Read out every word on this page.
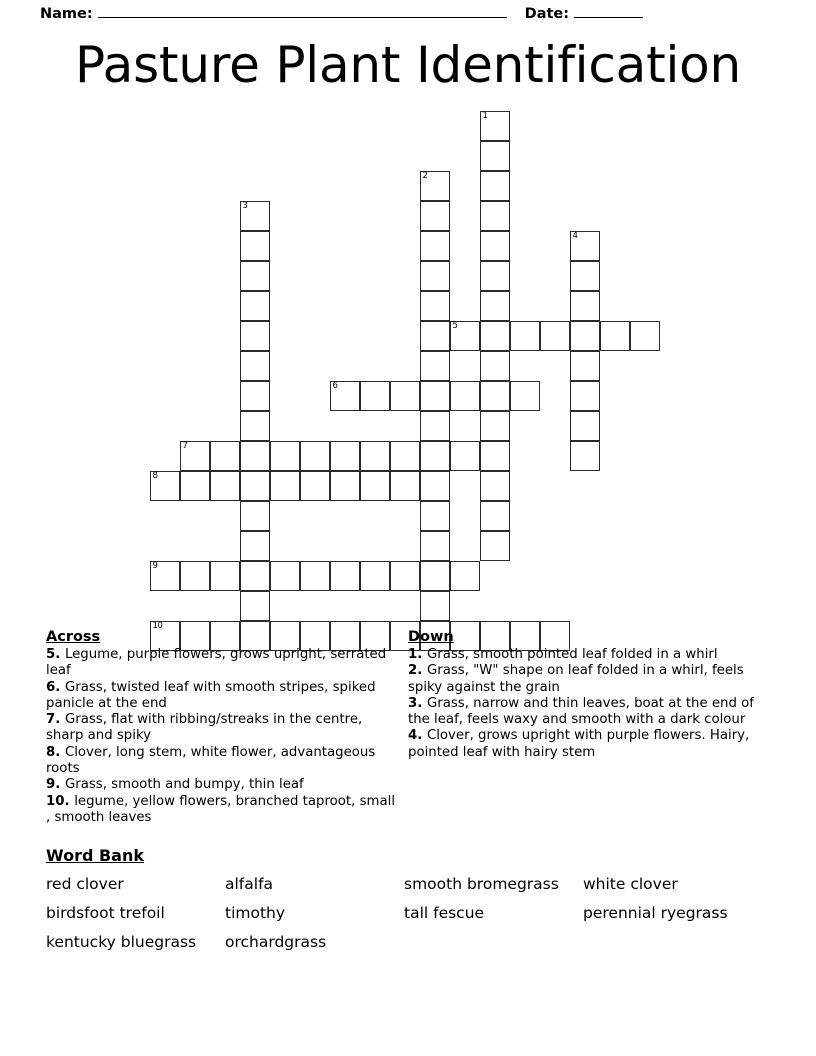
Name:	Date:
Pasture Plant Identification
1
2
3
4
5
6
7
8
9
10
Across
5. Legume, purple flowers, grows upright, serrated leaf
6. Grass, twisted leaf with smooth stripes, spiked panicle at the end
7. Grass, flat with ribbing/streaks in the centre, sharp and spiky
8. Clover, long stem, white flower, advantageous roots
9. Grass, smooth and bumpy, thin leaf
10. legume, yellow flowers, branched taproot, small , smooth leaves
Down
1. Grass, smooth pointed leaf folded in a whirl
2. Grass, "W" shape on leaf folded in a whirl, feels spiky against the grain
3. Grass, narrow and thin leaves, boat at the end of the leaf, feels waxy and smooth with a dark colour
4. Clover, grows upright with purple flowers. Hairy, pointed leaf with hairy stem
Word Bank
red clover	alfalfa	smooth bromegrass	white clover
birdsfoot trefoil	timothy	tall fescue	perennial ryegrass
kentucky bluegrass	orchardgrass
